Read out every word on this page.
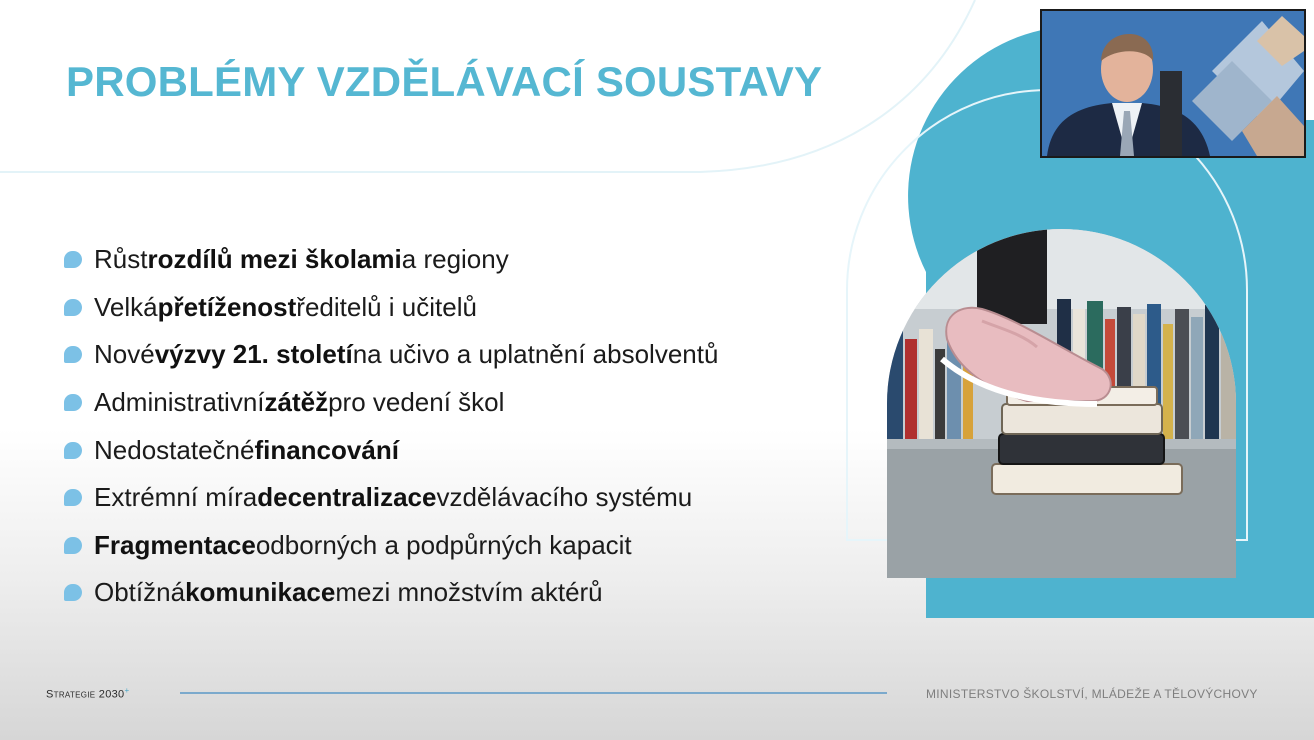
PROBLÉMY VZDĚLÁVACÍ SOUSTAVY
Růst rozdílů mezi školami a regiony
Velká přetíženost ředitelů i učitelů
Nové výzvy 21. století na učivo a uplatnění absolventů
Administrativní zátěž pro vedení škol
Nedostatečné financování
Extrémní míra decentralizace vzdělávacího systému
Fragmentace odborných a podpůrných kapacit
Obtížná komunikace mezi množstvím aktérů
Strategie 2030+	MINISTERSTVO ŠKOLSTVÍ, MLÁDEŽE A TĚLOVÝCHOVY
